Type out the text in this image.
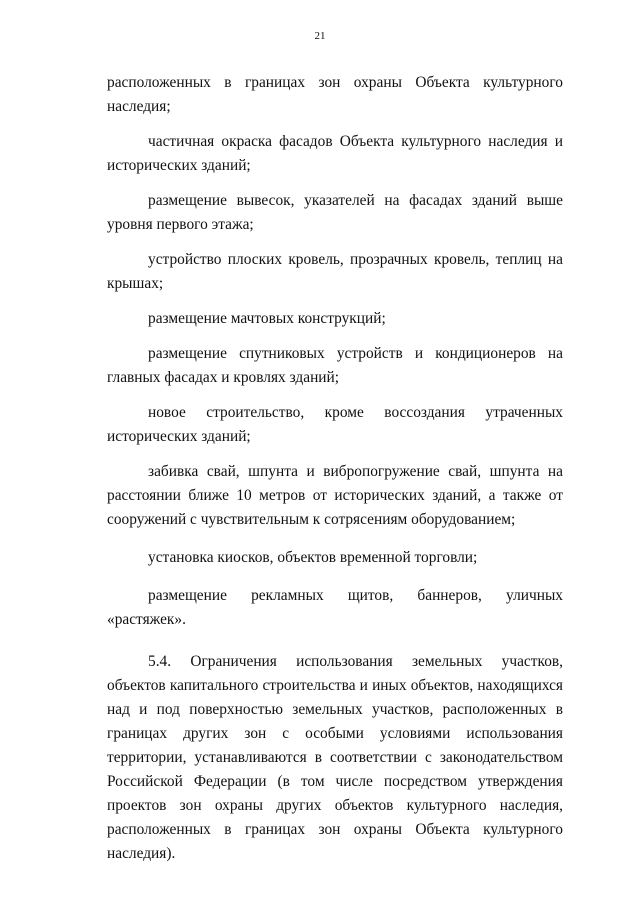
21

расположенных в границах зон охраны Объекта культурного наследия;

частичная окраска фасадов Объекта культурного наследия и исторических зданий;

размещение вывесок, указателей на фасадах зданий выше уровня первого этажа;

устройство плоских кровель, прозрачных кровель, теплиц на крышах;

размещение мачтовых конструкций;

размещение спутниковых устройств и кондиционеров на главных фасадах и кровлях зданий;

новое строительство, кроме воссоздания утраченных исторических зданий;

забивка свай, шпунта и вибропогружение свай, шпунта на расстоянии ближе 10 метров от исторических зданий, а также от сооружений с чувствительным к сотрясениям оборудованием;

установка киосков, объектов временной торговли;

размещение рекламных щитов, баннеров, уличных «растяжек».

5.4. Ограничения использования земельных участков, объектов капитального строительства и иных объектов, находящихся над и под поверхностью земельных участков, расположенных в границах других зон с особыми условиями использования территории, устанавливаются в соответствии с законодательством Российской Федерации (в том числе посредством утверждения проектов зон охраны других объектов культурного наследия, расположенных в границах зон охраны Объекта культурного наследия).
